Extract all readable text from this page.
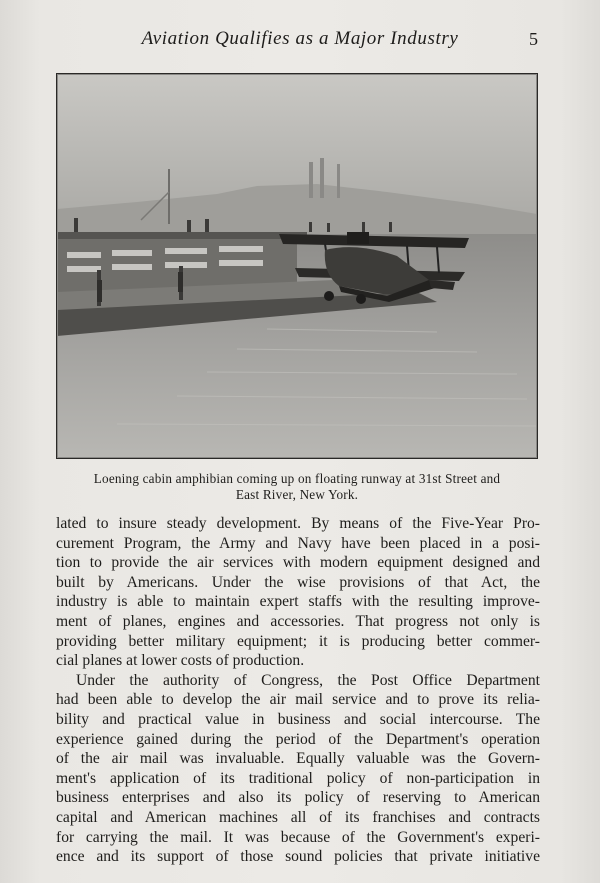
Aviation Qualifies as a Major Industry	5
Loening cabin amphibian coming up on floating runway at 31st Street and
East River, New York.
lated to insure steady development. By means of the Five-Year Pro-
curement Program, the Army and Navy have been placed in a posi-
tion to provide the air services with modern equipment designed and
built by Americans. Under the wise provisions of that Act, the
industry is able to maintain expert staffs with the resulting improve-
ment of planes, engines and accessories. That progress not only is
providing better military equipment; it is producing better commer-
cial planes at lower costs of production.
Under the authority of Congress, the Post Office Department
had been able to develop the air mail service and to prove its relia-
bility and practical value in business and social intercourse. The
experience gained during the period of the Department's operation
of the air mail was invaluable. Equally valuable was the Govern-
ment's application of its traditional policy of non-participation in
business enterprises and also its policy of reserving to American
capital and American machines all of its franchises and contracts
for carrying the mail. It was because of the Government's experi-
ence and its support of those sound policies that private initiative
